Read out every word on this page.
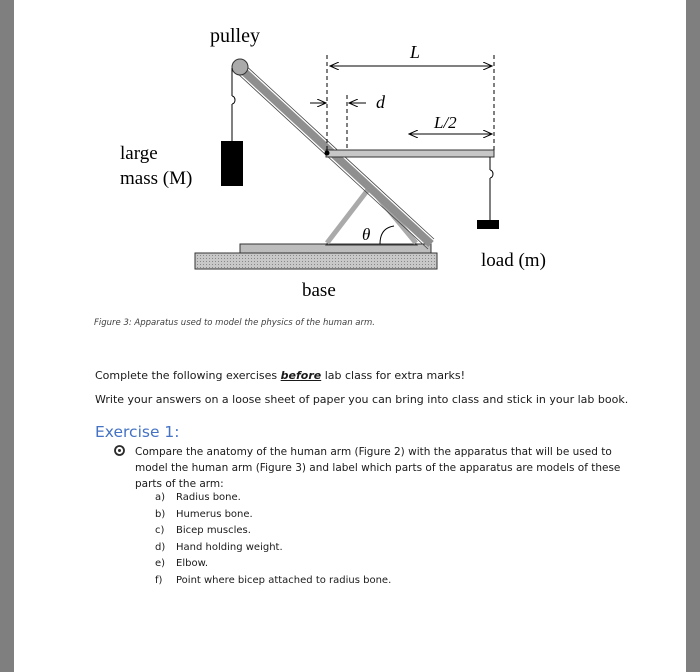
θ
pulley
large
mass (M)
load (m)
L
d
L/2
base
Figure 3: Apparatus used to model the physics of the human arm.
Complete the following exercises before lab class for extra marks!
Write your answers on a loose sheet of paper you can bring into class and stick in your lab book.
Exercise 1:
Compare the anatomy of the human arm (Figure 2) with the apparatus that will be used to model the human arm (Figure 3) and label which parts of the apparatus are models of these parts of the arm:
a)	Radius bone.
b)	Humerus bone.
c)	Bicep muscles.
d)	Hand holding weight.
e)	Elbow.
f)	Point where bicep attached to radius bone.
